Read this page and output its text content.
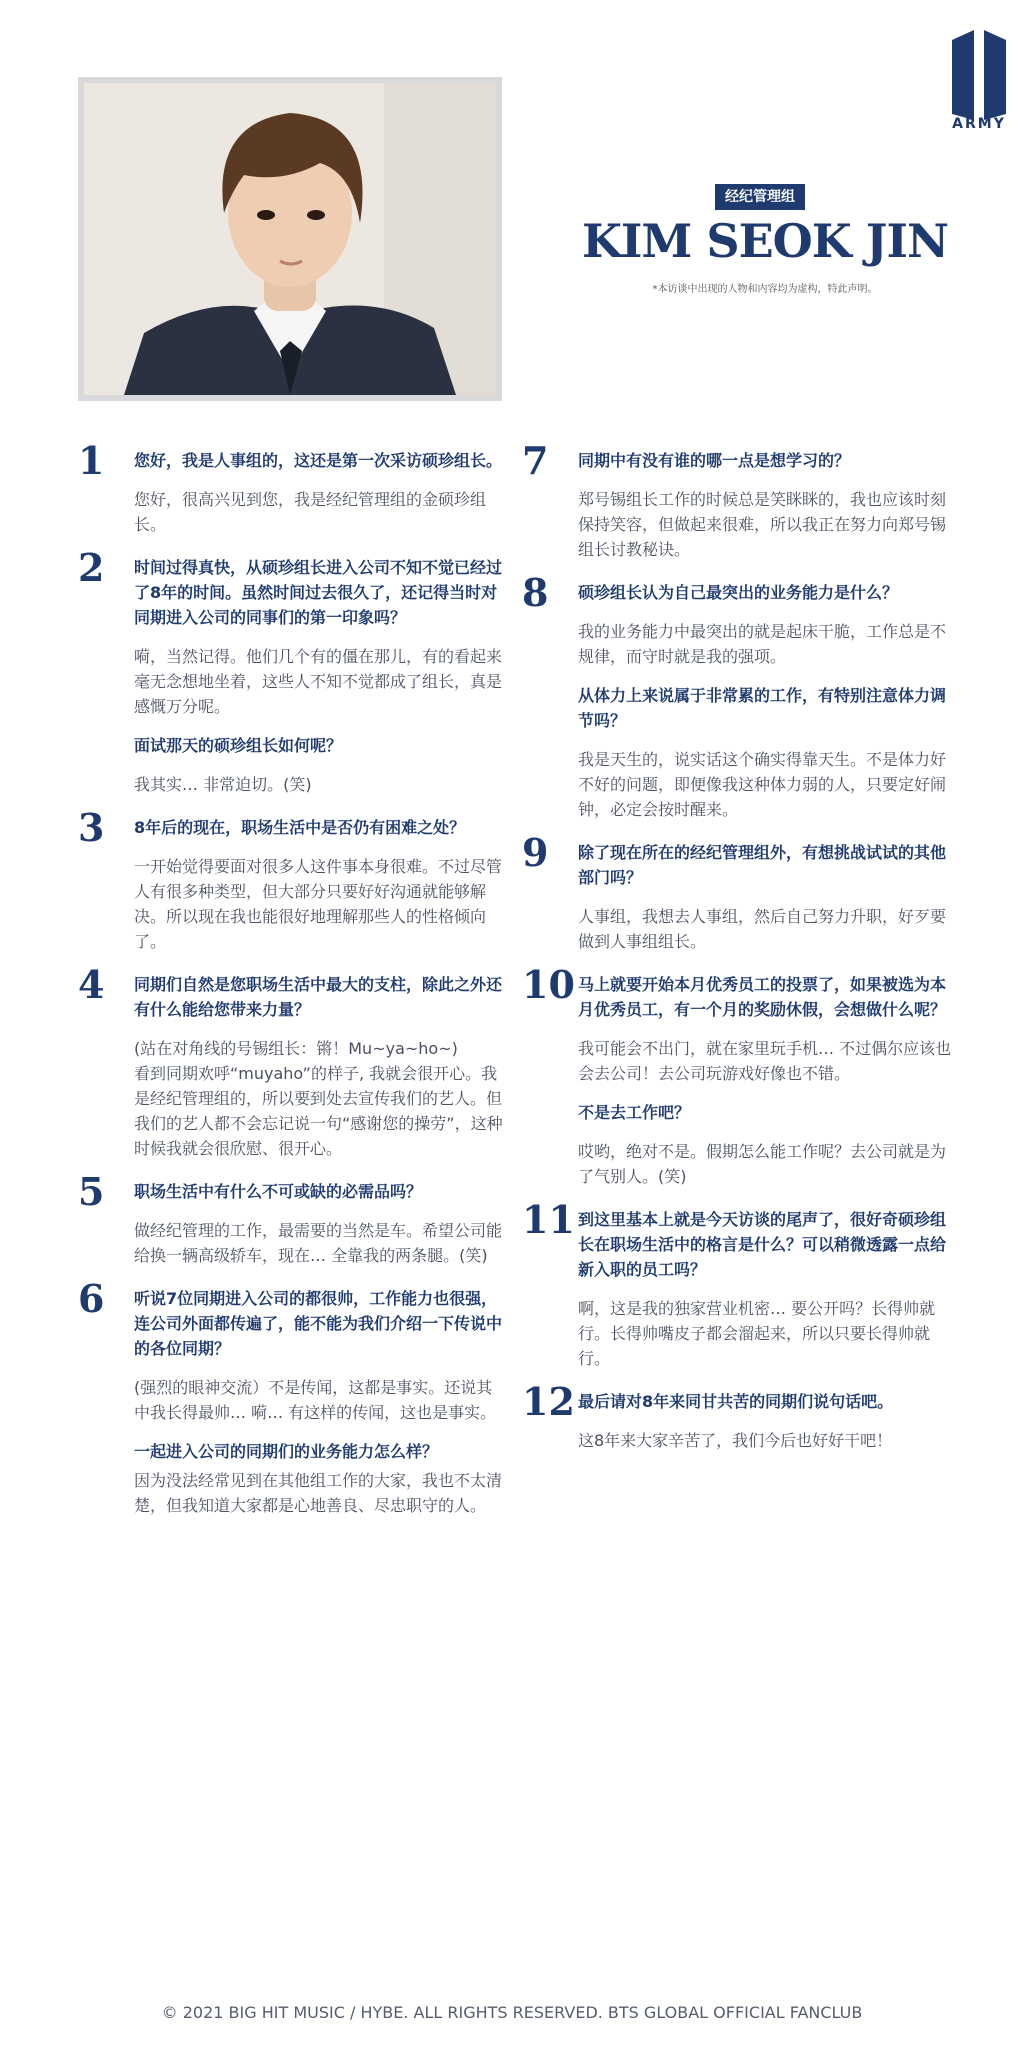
ARMY
经纪管理组
KIM SEOK JIN
*本访谈中出现的人物和内容均为虚构，特此声明。
1 您好，我是人事组的，这还是第一次采访硕珍组长。
您好，很高兴见到您，我是经纪管理组的金硕珍组长。
2 时间过得真快，从硕珍组长进入公司不知不觉已经过了8年的时间。虽然时间过去很久了，还记得当时对同期进入公司的同事们的第一印象吗？
嗬，当然记得。他们几个有的僵在那儿，有的看起来毫无念想地坐着，这些人不知不觉都成了组长，真是感慨万分呢。
面试那天的硕珍组长如何呢？
我其实… 非常迫切。(笑)
3 8年后的现在，职场生活中是否仍有困难之处？
一开始觉得要面对很多人这件事本身很难。不过尽管人有很多种类型，但大部分只要好好沟通就能够解决。所以现在我也能很好地理解那些人的性格倾向了。
4 同期们自然是您职场生活中最大的支柱，除此之外还有什么能给您带来力量？
(站在对角线的号锡组长：锵！Mu~ya~ho~)
看到同期欢呼“muyaho”的样子, 我就会很开心。我是经纪管理组的，所以要到处去宣传我们的艺人。但我们的艺人都不会忘记说一句“感谢您的操劳”，这种时候我就会很欣慰、很开心。
5 职场生活中有什么不可或缺的必需品吗？
做经纪管理的工作，最需要的当然是车。希望公司能给换一辆高级轿车，现在… 全靠我的两条腿。(笑)
6 听说7位同期进入公司的都很帅，工作能力也很强，连公司外面都传遍了，能不能为我们介绍一下传说中的各位同期？
(强烈的眼神交流）不是传闻，这都是事实。还说其中我长得最帅… 嗬… 有这样的传闻，这也是事实。
一起进入公司的同期们的业务能力怎么样？
因为没法经常见到在其他组工作的大家，我也不太清楚，但我知道大家都是心地善良、尽忠职守的人。
7 同期中有没有谁的哪一点是想学习的？
郑号锡组长工作的时候总是笑眯眯的，我也应该时刻保持笑容，但做起来很难，所以我正在努力向郑号锡组长讨教秘诀。
8 硕珍组长认为自己最突出的业务能力是什么？
我的业务能力中最突出的就是起床干脆，工作总是不规律，而守时就是我的强项。
从体力上来说属于非常累的工作，有特别注意体力调节吗？
我是天生的，说实话这个确实得靠天生。不是体力好不好的问题，即便像我这种体力弱的人，只要定好闹钟，必定会按时醒来。
9 除了现在所在的经纪管理组外，有想挑战试试的其他部门吗？
人事组，我想去人事组，然后自己努力升职，好歹要做到人事组组长。
10 马上就要开始本月优秀员工的投票了，如果被选为本月优秀员工，有一个月的奖励休假，会想做什么呢？
我可能会不出门，就在家里玩手机… 不过偶尔应该也会去公司！去公司玩游戏好像也不错。
不是去工作吧？
哎哟，绝对不是。假期怎么能工作呢？去公司就是为了气别人。(笑)
11 到这里基本上就是今天访谈的尾声了，很好奇硕珍组长在职场生活中的格言是什么？可以稍微透露一点给新入职的员工吗？
啊，这是我的独家营业机密… 要公开吗？长得帅就行。长得帅嘴皮子都会溜起来，所以只要长得帅就行。
12 最后请对8年来同甘共苦的同期们说句话吧。
这8年来大家辛苦了，我们今后也好好干吧！
© 2021 BIG HIT MUSIC / HYBE. ALL RIGHTS RESERVED. BTS GLOBAL OFFICIAL FANCLUB
